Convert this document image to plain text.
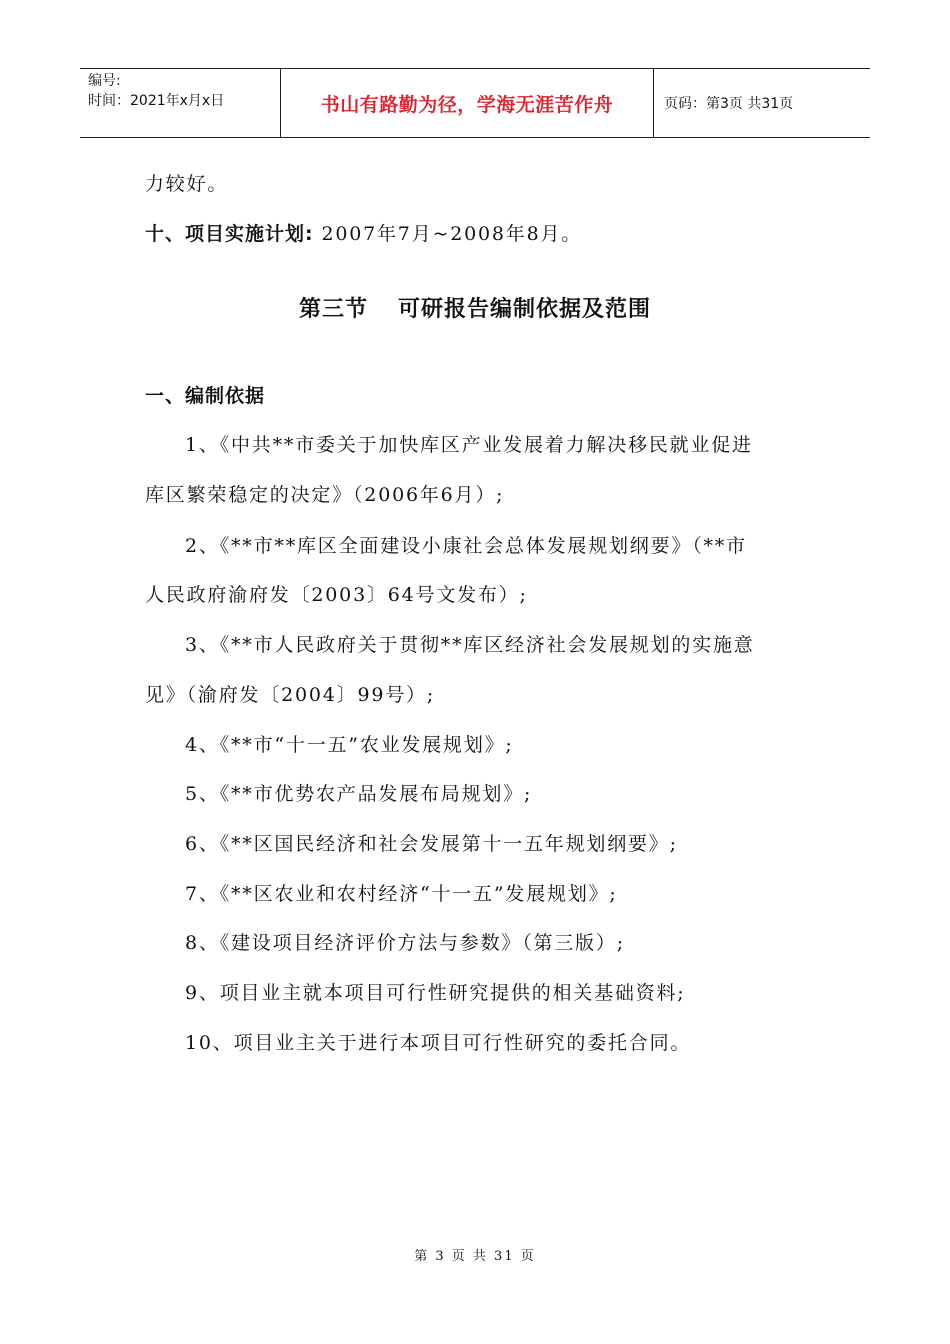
编号:
时间：2021年x月x日	书山有路勤为径，学海无涯苦作舟	页码：第3页 共31页
力较好。
十、项目实施计划: 2007年7月~2008年8月。
第三节 可研报告编制依据及范围
一、编制依据
1、《中共**市委关于加快库区产业发展着力解决移民就业促进
库区繁荣稳定的决定》（2006年6月）;
2、《**市**库区全面建设小康社会总体发展规划纲要》（**市
人民政府渝府发〔2003〕64号文发布）;
3、《**市人民政府关于贯彻**库区经济社会发展规划的实施意
见》（渝府发〔2004〕99号）;
4、《**市“十一五”农业发展规划》;
5、《**市优势农产品发展布局规划》;
6、《**区国民经济和社会发展第十一五年规划纲要》;
7、《**区农业和农村经济“十一五”发展规划》;
8、《建设项目经济评价方法与参数》（第三版）;
9、项目业主就本项目可行性研究提供的相关基础资料;
10、项目业主关于进行本项目可行性研究的委托合同。
第 3 页 共 31 页
